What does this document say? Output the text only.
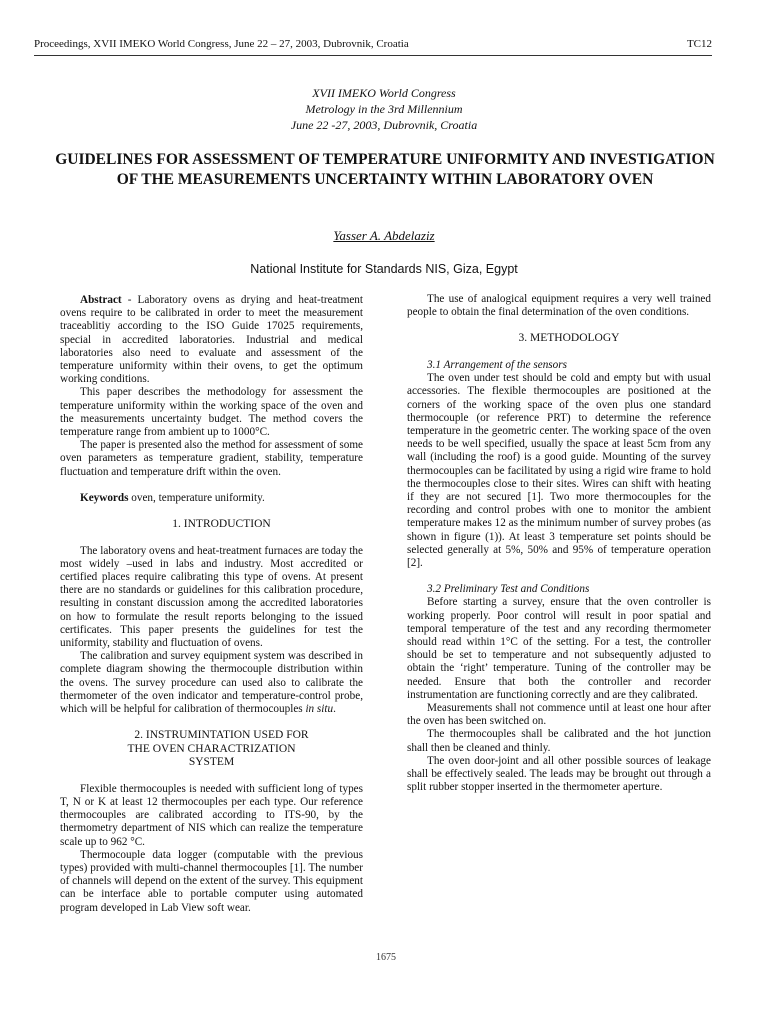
Proceedings, XVII IMEKO World Congress, June 22 – 27, 2003, Dubrovnik, Croatia	TC12
XVII IMEKO World Congress
Metrology in the 3rd Millennium
June 22 -27, 2003, Dubrovnik, Croatia
GUIDELINES FOR ASSESSMENT OF TEMPERATURE UNIFORMITY AND INVESTIGATION OF THE MEASUREMENTS UNCERTAINTY WITHIN LABORATORY OVEN
Yasser A. Abdelaziz
National Institute for Standards NIS, Giza, Egypt

Abstract - Laboratory ovens as drying and heat-treatment ovens require to be calibrated in order to meet the measurement traceablitiy according to the ISO Guide 17025 requirements, special in accredited laboratories. Industrial and medical laboratories also need to evaluate and assessment of the temperature uniformity within their ovens, to get the optimum working conditions.

This paper describes the methodology for assessment the temperature uniformity within the working space of the oven and the measurements uncertainty budget. The method covers the temperature range from ambient up to 1000°C.

The paper is presented also the method for assessment of some oven parameters as temperature gradient, stability, temperature fluctuation and temperature drift within the oven.

Keywords oven, temperature uniformity.

1. INTRODUCTION

The laboratory ovens and heat-treatment furnaces are today the most widely –used in labs and industry. Most accredited or certified places require calibrating this type of ovens. At present there are no standards or guidelines for this calibration procedure, resulting in constant discussion among the accredited laboratories on how to formulate the result reports belonging to the issued certificates. This paper presents the guidelines for test the uniformity, stability and fluctuation of ovens.

The calibration and survey equipment system was described in complete diagram showing the thermocouple distribution within the ovens. The survey procedure can used also to calibrate the thermometer of the oven indicator and temperature-control probe, which will be helpful for calibration of thermocouples in situ.

2. INSTRUMINTATION USED FOR
THE OVEN CHARACTRIZATION
SYSTEM

Flexible thermocouples is needed with sufficient long of types T, N or K at least 12 thermocouples per each type. Our reference thermocouples are calibrated according to ITS-90, by the thermometry department of NIS which can realize the temperature scale up to 962 °C.

Thermocouple data logger (computable with the previous types) provided with multi-channel thermocouples [1]. The number of channels will depend on the extent of the survey. This equipment can be interface able to portable computer using automated program developed in Lab View soft wear.

The use of analogical equipment requires a very well trained people to obtain the final determination of the oven conditions.

3. METHODOLOGY

3.1 Arrangement of the sensors

The oven under test should be cold and empty but with usual accessories. The flexible thermocouples are positioned at the corners of the working space of the oven plus one standard thermocouple (or reference PRT) to determine the reference temperature in the geometric center. The working space of the oven needs to be well specified, usually the space at least 5cm from any wall (including the roof) is a good guide. Mounting of the survey thermocouples can be facilitated by using a rigid wire frame to hold the thermocouples close to their sites. Wires can shift with heating if they are not secured [1]. Two more thermocouples for the recording and control probes with one to monitor the ambient temperature makes 12 as the minimum number of survey probes (as shown in figure (1)). At least 3 temperature set points should be selected generally at 5%, 50% and 95% of temperature operation [2].

3.2 Preliminary Test and Conditions

Before starting a survey, ensure that the oven controller is working properly. Poor control will result in poor spatial and temporal temperature of the test and any recording thermometer should read within 1°C of the setting. For a test, the controller should be set to temperature and not subsequently adjusted to obtain the ‘right’ temperature. Tuning of the controller may be needed. Ensure that both the controller and recorder instrumentation are functioning correctly and are they calibrated.

Measurements shall not commence until at least one hour after the oven has been switched on.

The thermocouples shall be calibrated and the hot junction shall then be cleaned and thinly.

The oven door-joint and all other possible sources of leakage shall be effectively sealed. The leads may be brought out through a split rubber stopper inserted in the thermometer aperture.

1675
